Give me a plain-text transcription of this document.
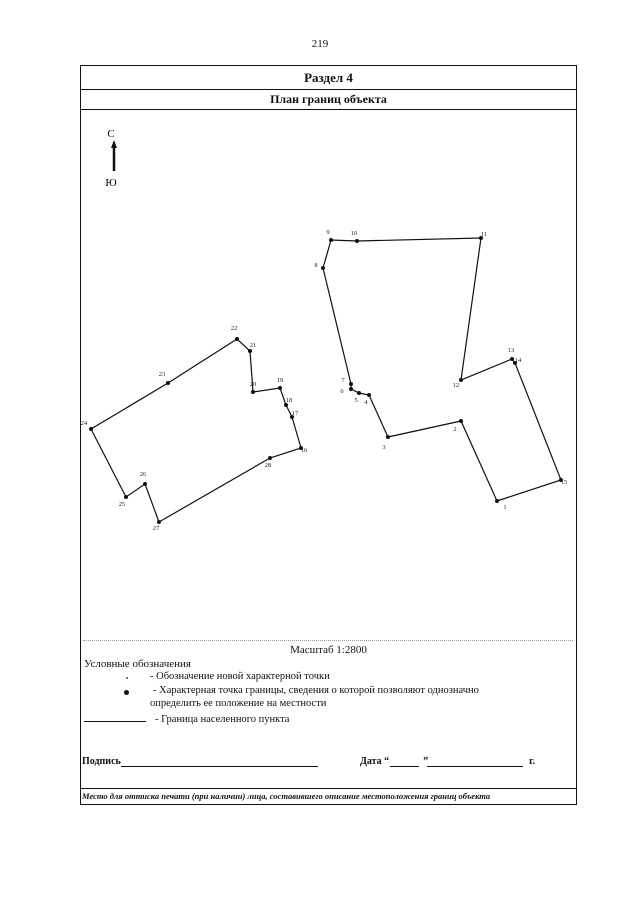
219
Раздел 4
План границ объекта
С
Ю
1
2
3
4
5
6
7
8
9	10	11
12
13
14
15
16
17
18
19
20
21
22
23
24
25
26
27
28
Масштаб 1:2800
Условные обозначения
- Обозначение новой характерной точки
- Характерная точка границы, сведения о которой позволяют однозначно
определить ее положение на местности
- Граница населенного пункта
Подпись	Дата “	”	г.
Место для оттиска печати (при наличии) лица, составившего описание местоположения границ объекта
